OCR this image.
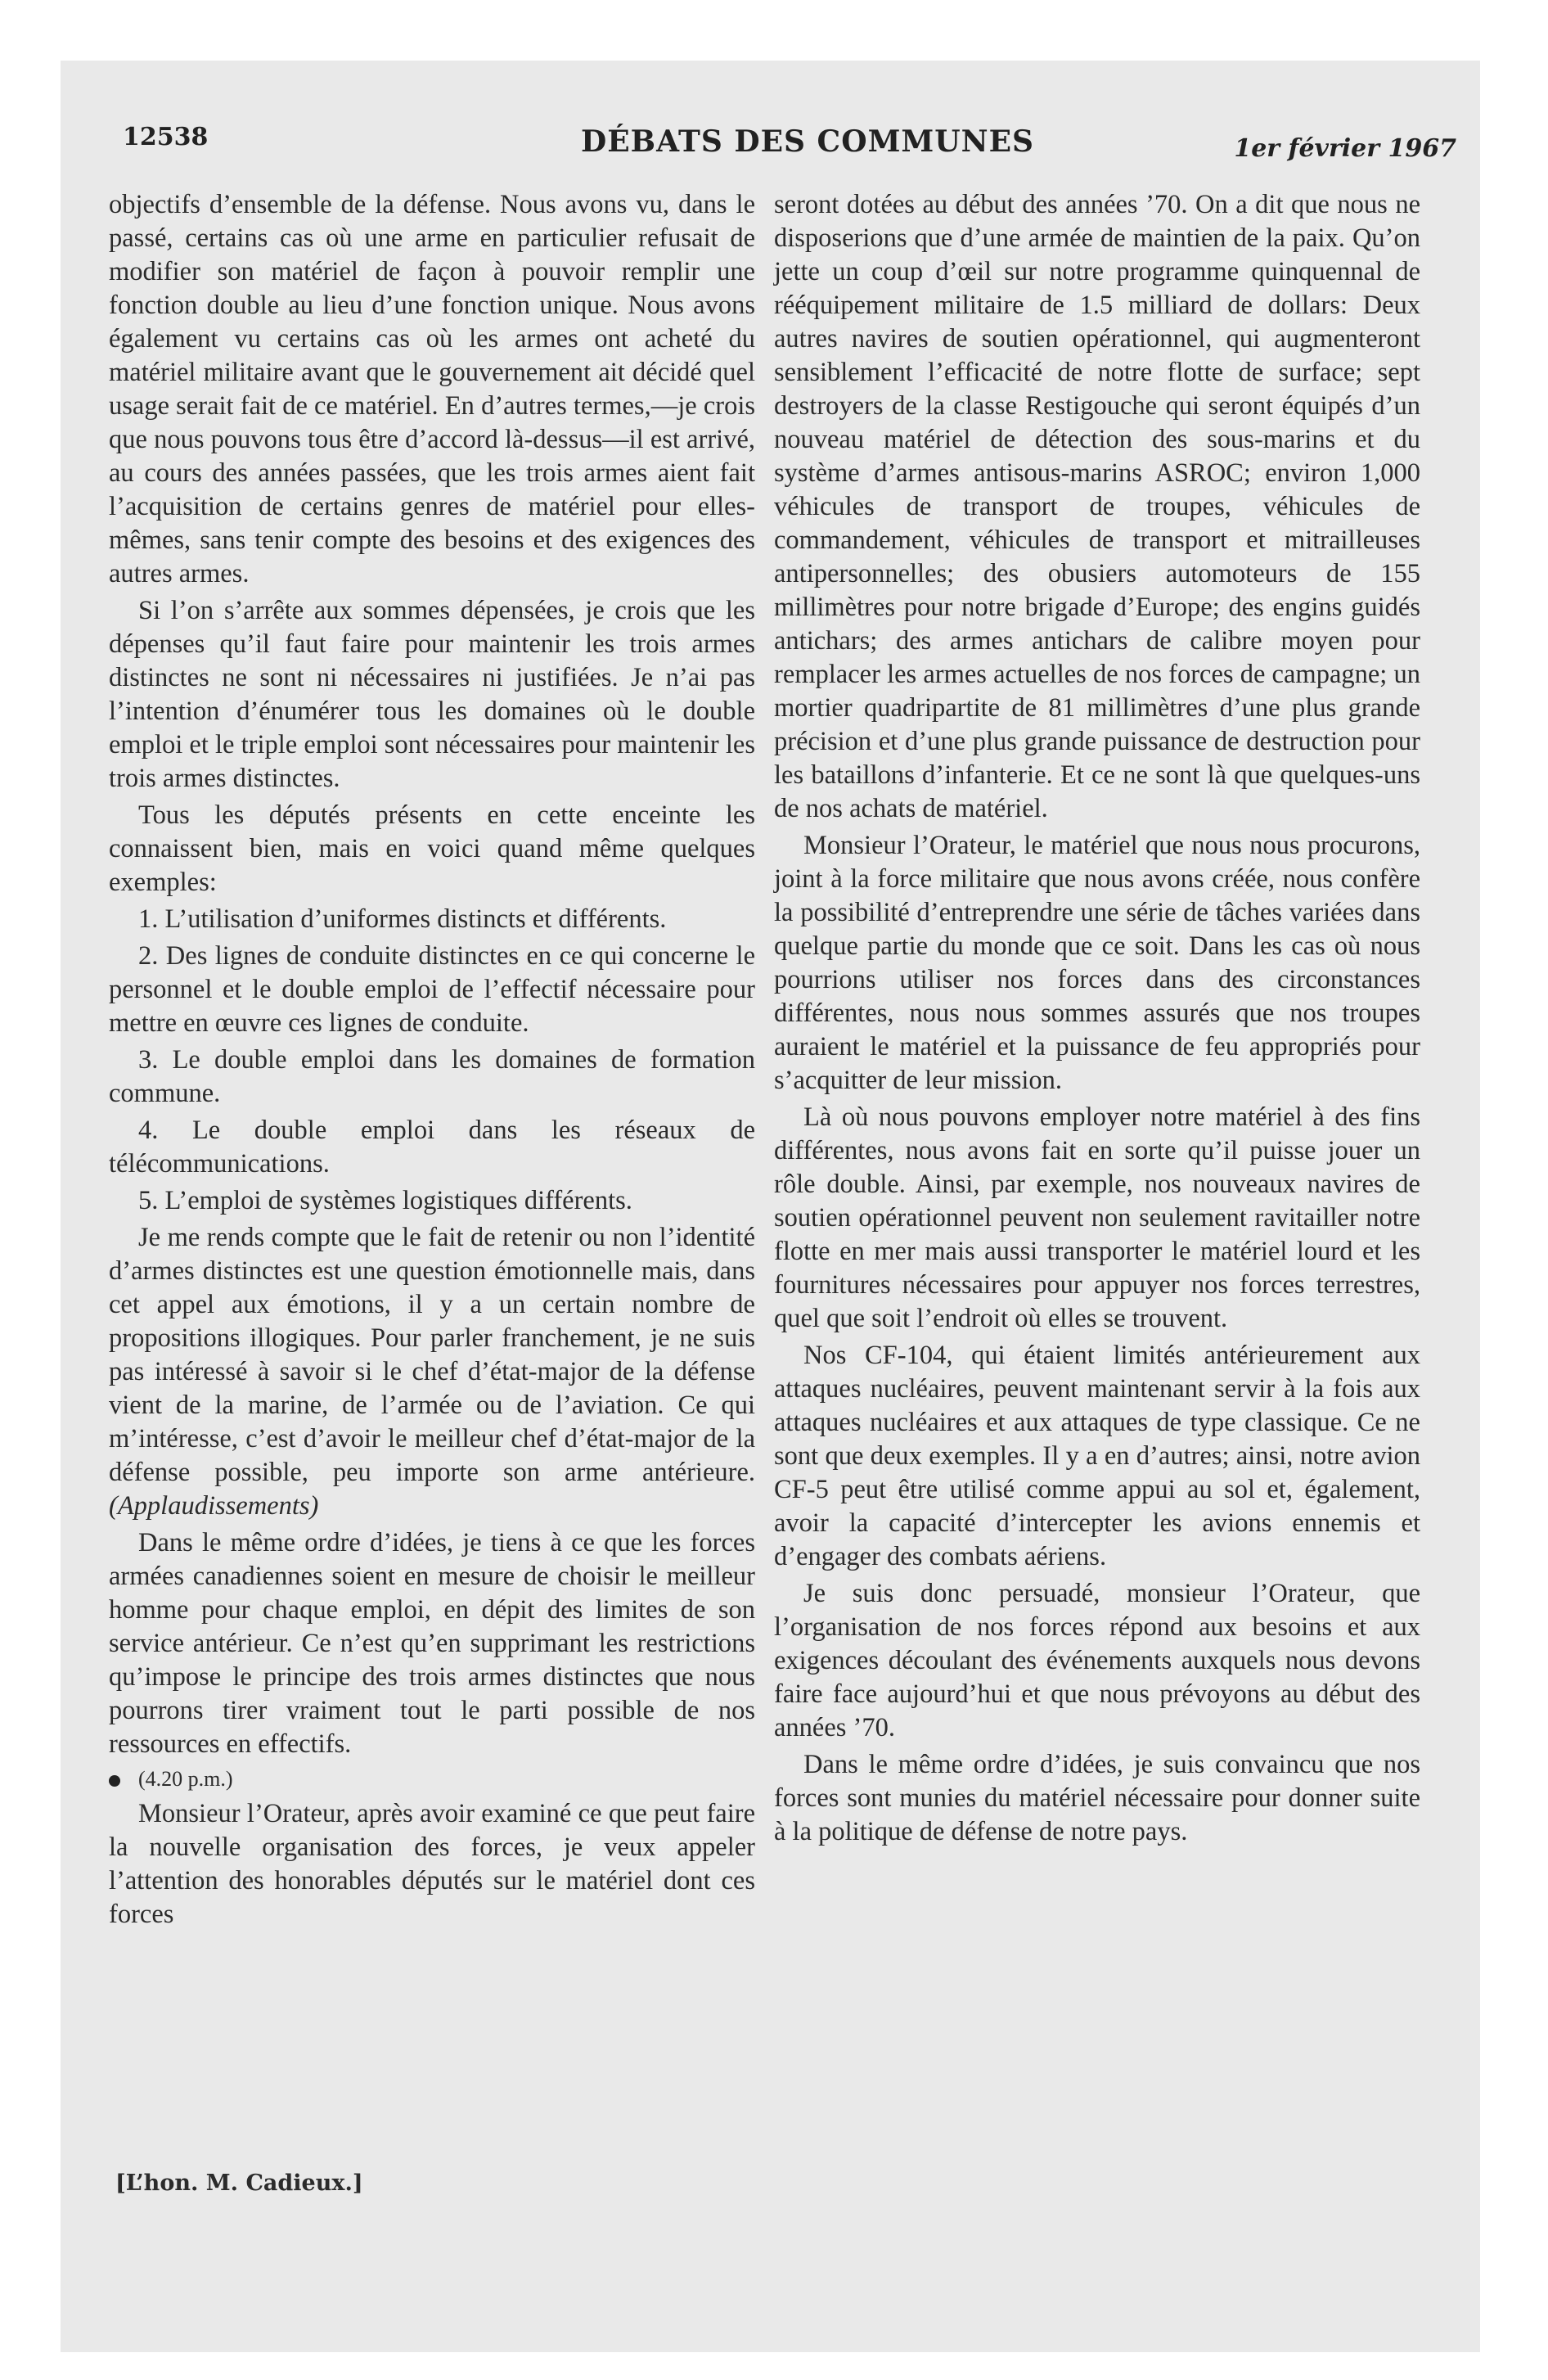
12538	DÉBATS DES COMMUNES	1er février 1967

objectifs d’ensemble de la défense. Nous avons vu, dans le passé, certains cas où une arme en particulier refusait de modifier son matériel de façon à pouvoir remplir une fonction double au lieu d’une fonction unique. Nous avons également vu certains cas où les armes ont acheté du matériel militaire avant que le gouvernement ait décidé quel usage serait fait de ce matériel. En d’autres termes,—je crois que nous pouvons tous être d’accord là-dessus—il est arrivé, au cours des années passées, que les trois armes aient fait l’acquisition de certains genres de matériel pour elles-mêmes, sans tenir compte des besoins et des exigences des autres armes.

Si l’on s’arrête aux sommes dépensées, je crois que les dépenses qu’il faut faire pour maintenir les trois armes distinctes ne sont ni nécessaires ni justifiées. Je n’ai pas l’intention d’énumérer tous les domaines où le double emploi et le triple emploi sont nécessaires pour maintenir les trois armes distinctes.

Tous les députés présents en cette enceinte les connaissent bien, mais en voici quand même quelques exemples:

1. L’utilisation d’uniformes distincts et différents.

2. Des lignes de conduite distinctes en ce qui concerne le personnel et le double emploi de l’effectif nécessaire pour mettre en œuvre ces lignes de conduite.

3. Le double emploi dans les domaines de formation commune.

4. Le double emploi dans les réseaux de télécommunications.

5. L’emploi de systèmes logistiques différents.

Je me rends compte que le fait de retenir ou non l’identité d’armes distinctes est une question émotionnelle mais, dans cet appel aux émotions, il y a un certain nombre de propositions illogiques. Pour parler franchement, je ne suis pas intéressé à savoir si le chef d’état-major de la défense vient de la marine, de l’armée ou de l’aviation. Ce qui m’intéresse, c’est d’avoir le meilleur chef d’état-major de la défense possible, peu importe son arme antérieure. (Applaudissements)

Dans le même ordre d’idées, je tiens à ce que les forces armées canadiennes soient en mesure de choisir le meilleur homme pour chaque emploi, en dépit des limites de son service antérieur. Ce n’est qu’en supprimant les restrictions qu’impose le principe des trois armes distinctes que nous pourrons tirer vraiment tout le parti possible de nos ressources en effectifs.

(4.20 p.m.)

Monsieur l’Orateur, après avoir examiné ce que peut faire la nouvelle organisation des forces, je veux appeler l’attention des honorables députés sur le matériel dont ces forces

seront dotées au début des années ’70. On a dit que nous ne disposerions que d’une armée de maintien de la paix. Qu’on jette un coup d’œil sur notre programme quinquennal de rééquipement militaire de 1.5 milliard de dollars: Deux autres navires de soutien opérationnel, qui augmenteront sensiblement l’efficacité de notre flotte de surface; sept destroyers de la classe Restigouche qui seront équipés d’un nouveau matériel de détection des sous-marins et du système d’armes antisous-marins ASROC; environ 1,000 véhicules de transport de troupes, véhicules de commandement, véhicules de transport et mitrailleuses antipersonnelles; des obusiers automoteurs de 155 millimètres pour notre brigade d’Europe; des engins guidés antichars; des armes antichars de calibre moyen pour remplacer les armes actuelles de nos forces de campagne; un mortier quadripartite de 81 millimètres d’une plus grande précision et d’une plus grande puissance de destruction pour les bataillons d’infanterie. Et ce ne sont là que quelques-uns de nos achats de matériel.

Monsieur l’Orateur, le matériel que nous nous procurons, joint à la force militaire que nous avons créée, nous confère la possibilité d’entreprendre une série de tâches variées dans quelque partie du monde que ce soit. Dans les cas où nous pourrions utiliser nos forces dans des circonstances différentes, nous nous sommes assurés que nos troupes auraient le matériel et la puissance de feu appropriés pour s’acquitter de leur mission.

Là où nous pouvons employer notre matériel à des fins différentes, nous avons fait en sorte qu’il puisse jouer un rôle double. Ainsi, par exemple, nos nouveaux navires de soutien opérationnel peuvent non seulement ravitailler notre flotte en mer mais aussi transporter le matériel lourd et les fournitures nécessaires pour appuyer nos forces terrestres, quel que soit l’endroit où elles se trouvent.

Nos CF-104, qui étaient limités antérieurement aux attaques nucléaires, peuvent maintenant servir à la fois aux attaques nucléaires et aux attaques de type classique. Ce ne sont que deux exemples. Il y a en d’autres; ainsi, notre avion CF-5 peut être utilisé comme appui au sol et, également, avoir la capacité d’intercepter les avions ennemis et d’engager des combats aériens.

Je suis donc persuadé, monsieur l’Orateur, que l’organisation de nos forces répond aux besoins et aux exigences découlant des événements auxquels nous devons faire face aujourd’hui et que nous prévoyons au début des années ’70.

Dans le même ordre d’idées, je suis convaincu que nos forces sont munies du matériel nécessaire pour donner suite à la politique de défense de notre pays.

[L’hon. M. Cadieux.]
